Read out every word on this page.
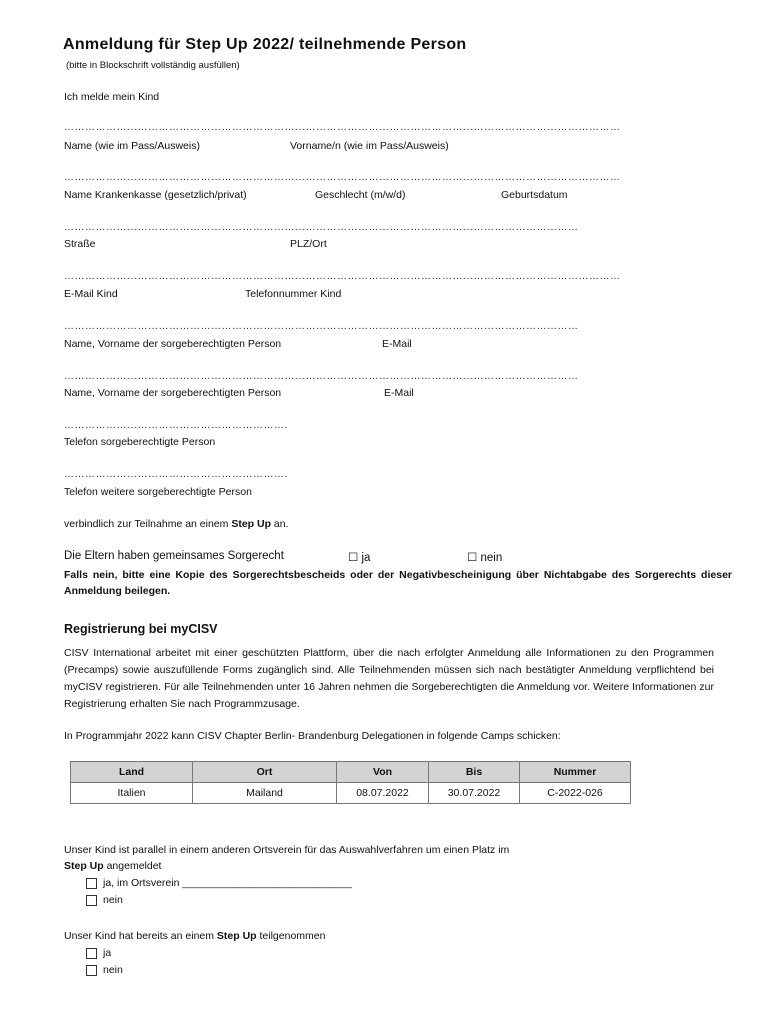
Anmeldung für Step Up 2022/ teilnehmende Person
(bitte in Blockschrift vollständig ausfüllen)
Ich melde mein Kind
……………………………………………………………………………………………………………………………………………
Name (wie im Pass/Ausweis)	Vorname/n (wie im Pass/Ausweis)
……………………………………………………………………………………………………………………………………………
Name Krankenkasse (gesetzlich/privat)	Geschlecht (m/w/d)	Geburtsdatum
…………………………………………………………………………………………………………………………………
Straße	PLZ/Ort
……………………………………………………………………………………………………………………………………………
E-Mail Kind	Telefonnummer Kind
…………………………………………………………………………………………………………………………………
Name, Vorname der sorgeberechtigten Person	E-Mail
…………………………………………………………………………………………………………………………………
Name, Vorname der sorgeberechtigten Person	E-Mail
……………………………………………………….
Telefon sorgeberechtigte Person
……………………………………………………….
Telefon weitere sorgeberechtigte Person
verbindlich zur Teilnahme an einem Step Up an.
Die Eltern haben gemeinsames Sorgerecht	☐ ja	☐ nein
Falls nein, bitte eine Kopie des Sorgerechtsbescheids oder der Negativbescheinigung über Nichtabgabe des Sorgerechts dieser Anmeldung beilegen.
Registrierung bei myCISV
CISV International arbeitet mit einer geschützten Plattform, über die nach erfolgter Anmeldung alle Informationen zu den Programmen (Precamps) sowie auszufüllende Forms zugänglich sind. Alle Teilnehmenden müssen sich nach bestätigter Anmeldung verpflichtend bei myCISV registrieren. Für alle Teilnehmenden unter 16 Jahren nehmen die Sorgeberechtigten die Anmeldung vor. Weitere Informationen zur Registrierung erhalten Sie nach Programmzusage.
In Programmjahr 2022 kann CISV Chapter Berlin- Brandenburg Delegationen in folgende Camps schicken:
Land	Ort	Von	Bis	Nummer
Italien	Mailand	08.07.2022	30.07.2022	C-2022-026
Unser Kind ist parallel in einem anderen Ortsverein für das Auswahlverfahren um einen Platz im
Step Up angemeldet
ja, im Ortsverein _____________________________
nein
Unser Kind hat bereits an einem Step Up teilgenommen
ja
nein
